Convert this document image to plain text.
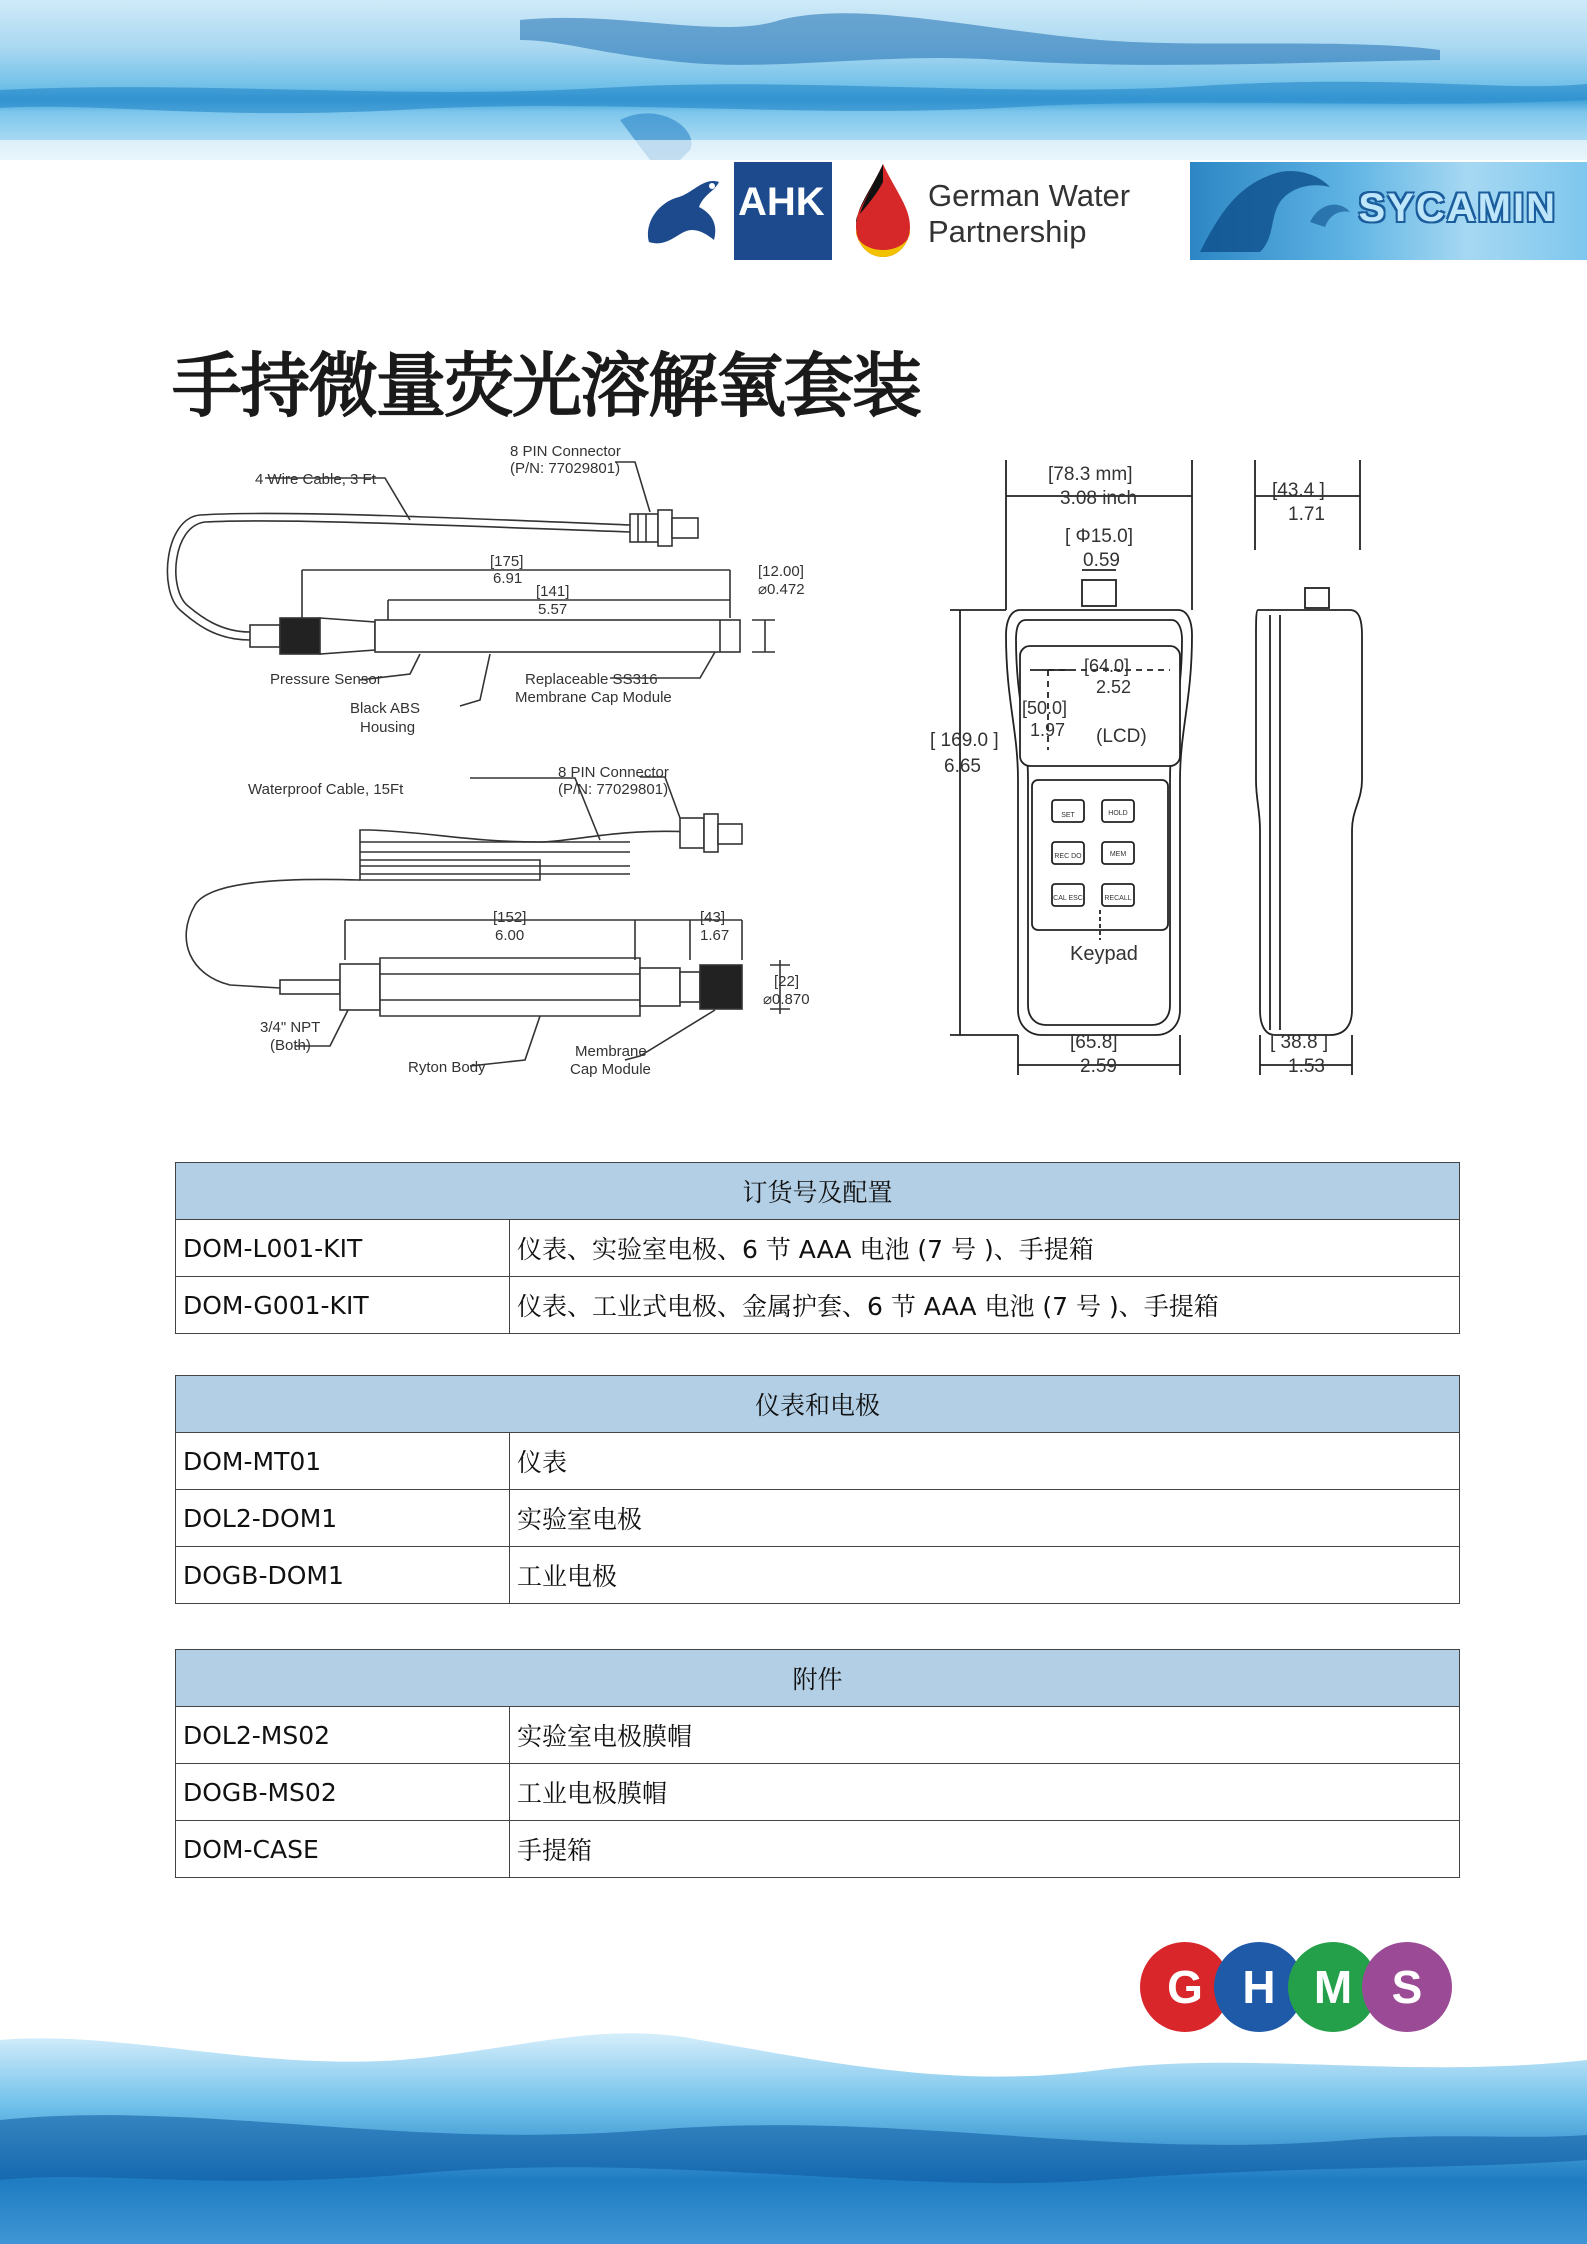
AHK	German Water
Partnership
SYCAMIN
手持微量荧光溶解氧套装
4 Wire Cable, 3 Ft
8 PIN Connector
(P/N: 77029801)
[175]
6.91
[141]
5.57
[12.00]
⌀0.472
Pressure Sensor
Black ABS
Housing
Replaceable SS316
Membrane Cap Module
Waterproof Cable, 15Ft
8 PIN Connector
(P/N: 77029801)
[152]
6.00
[43]
1.67
[22]
⌀0.870
3/4" NPT
(Both)
Ryton Body
Membrane
Cap Module
[78.3 mm]
3.08 inch
[ Φ15.0]
0.59
[64.0]
2.52
[50.0]
1.97 (LCD)
[ 169.0 ]
6.65
Keypad
[65.8]
2.59
[43.4 ]
1.71
[ 38.8 ]
1.53
SET	HOLD
REC DO	MEM
CAL ESC	RECALL
订货号及配置	
DOM-L001-KIT	仪表、实验室电极、6 节 AAA 电池 (7 号 )、手提箱
DOM-G001-KIT	仪表、工业式电极、金属护套、6 节 AAA 电池 (7 号 )、手提箱
仪表和电极	
DOM-MT01	仪表
DOL2-DOM1	实验室电极
DOGB-DOM1	工业电极
附件	
DOL2-MS02	实验室电极膜帽
DOGB-MS02	工业电极膜帽
DOM-CASE	手提箱
G H M S
